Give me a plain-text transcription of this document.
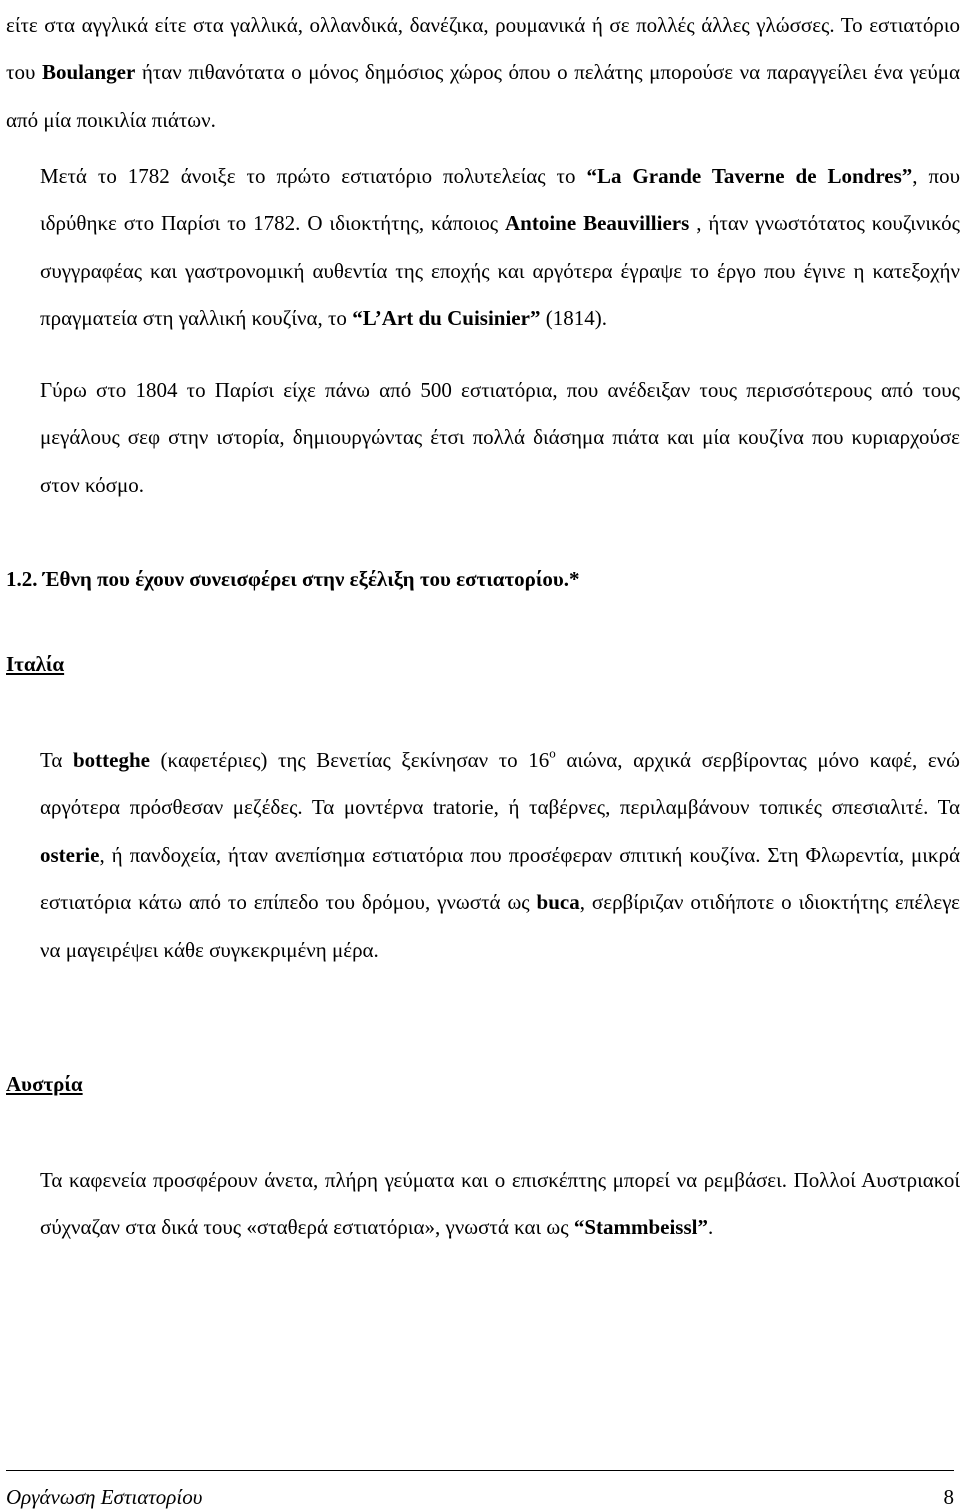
είτε στα αγγλικά είτε στα γαλλικά, ολλανδικά, δανέζικα, ρουμανικά ή σε πολλές άλλες γλώσσες. Το εστιατόριο του Boulanger ήταν πιθανότατα ο μόνος δημόσιος χώρος όπου ο πελάτης μπορούσε να παραγγείλει ένα γεύμα από μία ποικιλία πιάτων.

Μετά το 1782 άνοιξε το πρώτο εστιατόριο πολυτελείας το “La Grande Taverne de Londres”, που ιδρύθηκε στο Παρίσι το 1782. Ο ιδιοκτήτης, κάποιος Antoine Beauvilliers , ήταν γνωστότατος κουζινικός συγγραφέας και γαστρονομική αυθεντία της εποχής και αργότερα έγραψε το έργο που έγινε η κατεξοχήν πραγματεία στη γαλλική κουζίνα, το “L’Art du Cuisinier” (1814).

Γύρω στο 1804 το Παρίσι είχε πάνω από 500 εστιατόρια, που ανέδειξαν τους περισσότερους από τους μεγάλους σεφ στην ιστορία, δημιουργώντας έτσι πολλά διάσημα πιάτα και μία κουζίνα που κυριαρχούσε στον κόσμο.

1.2. Έθνη που έχουν συνεισφέρει στην εξέλιξη του εστιατορίου.*
Ιταλία

Τα botteghe (καφετέριες) της Βενετίας ξεκίνησαν το $16^o$ αιώνα, αρχικά σερβίροντας μόνο καφέ, ενώ αργότερα πρόσθεσαν μεζέδες. Τα μοντέρνα tratorie, ή ταβέρνες, περιλαμβάνουν τοπικές σπεσιαλιτέ. Τα osterie, ή πανδοχεία, ήταν ανεπίσημα εστιατόρια που προσέφεραν σπιτική κουζίνα. Στη Φλωρεντία, μικρά εστιατόρια κάτω από το επίπεδο του δρόμου, γνωστά ως buca, σερβίριζαν οτιδήποτε ο ιδιοκτήτης επέλεγε να μαγειρέψει κάθε συγκεκριμένη μέρα.

Αυστρία

Τα καφενεία προσφέρουν άνετα, πλήρη γεύματα και ο επισκέπτης μπορεί να ρεμβάσει. Πολλοί Αυστριακοί σύχναζαν στα δικά τους «σταθερά εστιατόρια», γνωστά και ως “Stammbeissl”.

Οργάνωση Εστιατορίου	8
